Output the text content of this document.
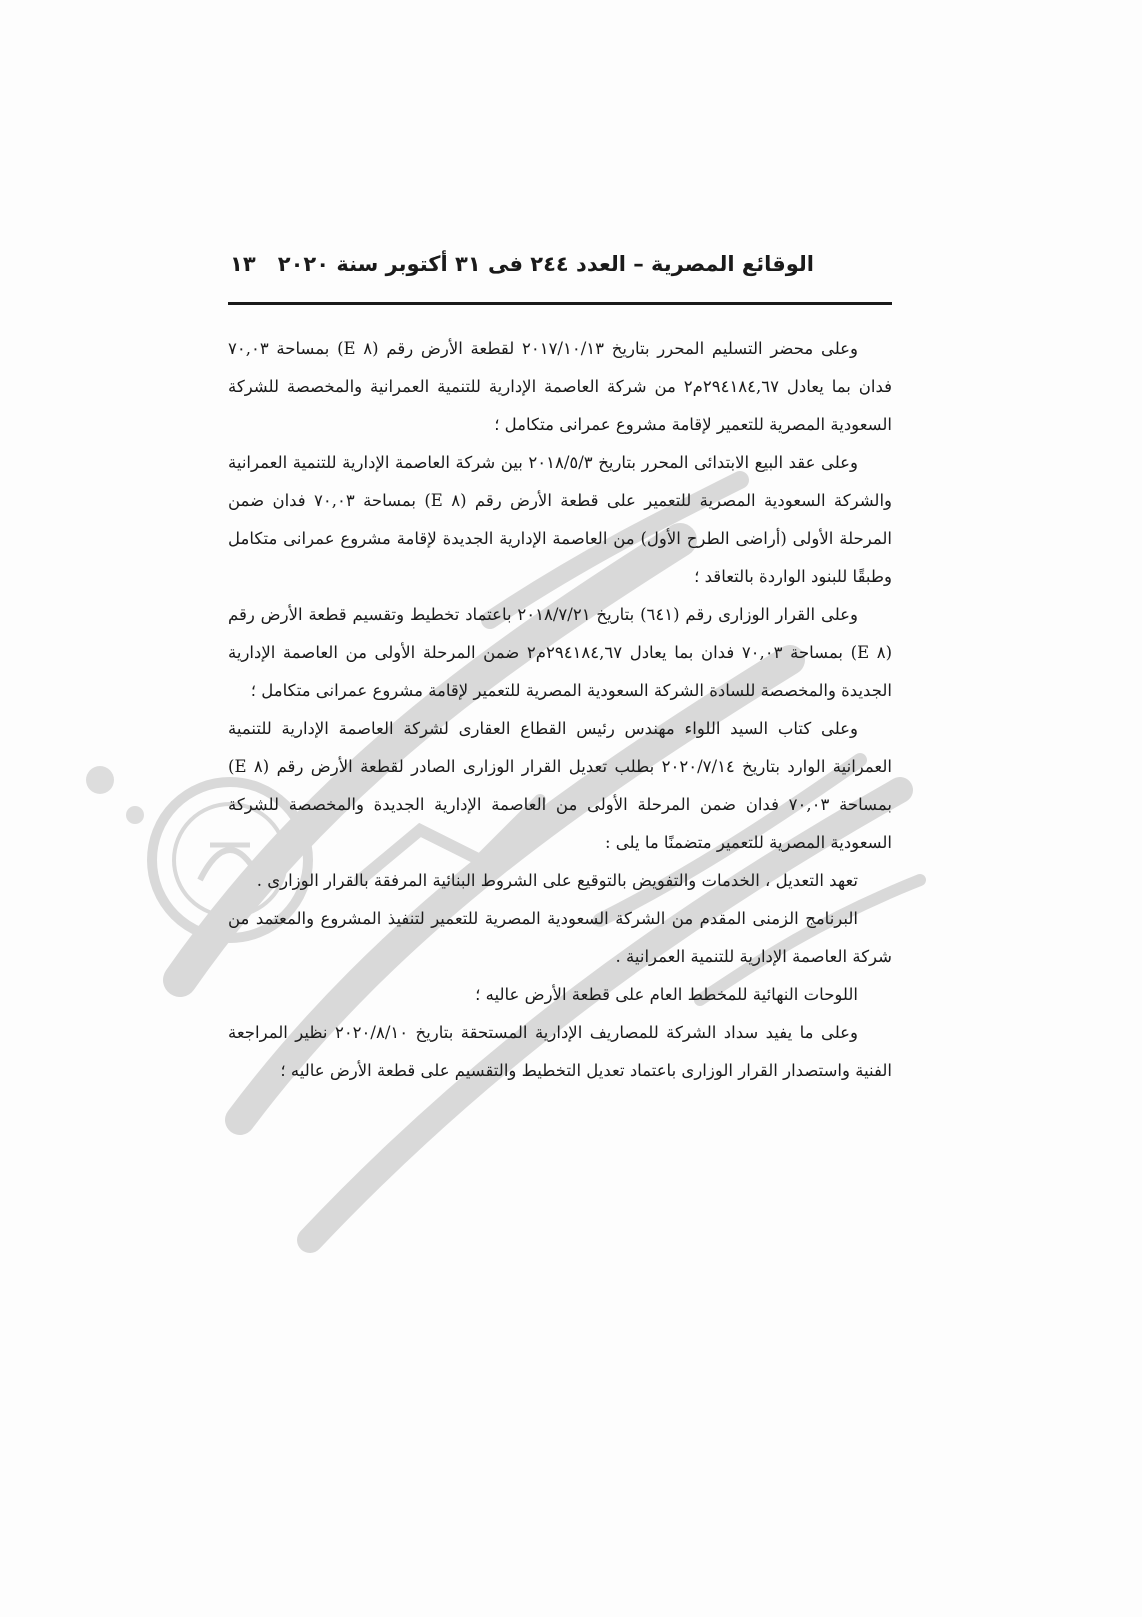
الوقائع المصرية – العدد ٢٤٤ فى ٣١ أكتوبر سنة ٢٠٢٠
١٣

وعلى محضر التسليم المحرر بتاريخ ٢٠١٧/١٠/١٣ لقطعة الأرض رقم (٨ E) بمساحة ٧٠,٠٣ فدان بما يعادل ٢٩٤١٨٤,٦٧م٢ من شركة العاصمة الإدارية للتنمية العمرانية والمخصصة للشركة السعودية المصرية للتعمير لإقامة مشروع عمرانى متكامل ؛

وعلى عقد البيع الابتدائى المحرر بتاريخ ٢٠١٨/٥/٣ بين شركة العاصمة الإدارية للتنمية العمرانية والشركة السعودية المصرية للتعمير على قطعة الأرض رقم (٨ E) بمساحة ٧٠,٠٣ فدان ضمن المرحلة الأولى (أراضى الطرح الأول) من العاصمة الإدارية الجديدة لإقامة مشروع عمرانى متكامل وطبقًا للبنود الواردة بالتعاقد ؛

وعلى القرار الوزارى رقم (٦٤١) بتاريخ ٢٠١٨/٧/٢١ باعتماد تخطيط وتقسيم قطعة الأرض رقم (٨ E) بمساحة ٧٠,٠٣ فدان بما يعادل ٢٩٤١٨٤,٦٧م٢ ضمن المرحلة الأولى من العاصمة الإدارية الجديدة والمخصصة للسادة الشركة السعودية المصرية للتعمير لإقامة مشروع عمرانى متكامل ؛

وعلى كتاب السيد اللواء مهندس رئيس القطاع العقارى لشركة العاصمة الإدارية للتنمية العمرانية الوارد بتاريخ ٢٠٢٠/٧/١٤ بطلب تعديل القرار الوزارى الصادر لقطعة الأرض رقم (٨ E) بمساحة ٧٠,٠٣ فدان ضمن المرحلة الأولى من العاصمة الإدارية الجديدة والمخصصة للشركة السعودية المصرية للتعمير متضمنًا ما يلى :

تعهد التعديل ، الخدمات والتفويض بالتوقيع على الشروط البنائية المرفقة بالقرار الوزارى .

البرنامج الزمنى المقدم من الشركة السعودية المصرية للتعمير لتنفيذ المشروع والمعتمد من شركة العاصمة الإدارية للتنمية العمرانية .

اللوحات النهائية للمخطط العام على قطعة الأرض عاليه ؛

وعلى ما يفيد سداد الشركة للمصاريف الإدارية المستحقة بتاريخ ٢٠٢٠/٨/١٠ نظير المراجعة الفنية واستصدار القرار الوزارى باعتماد تعديل التخطيط والتقسيم على قطعة الأرض عاليه ؛
